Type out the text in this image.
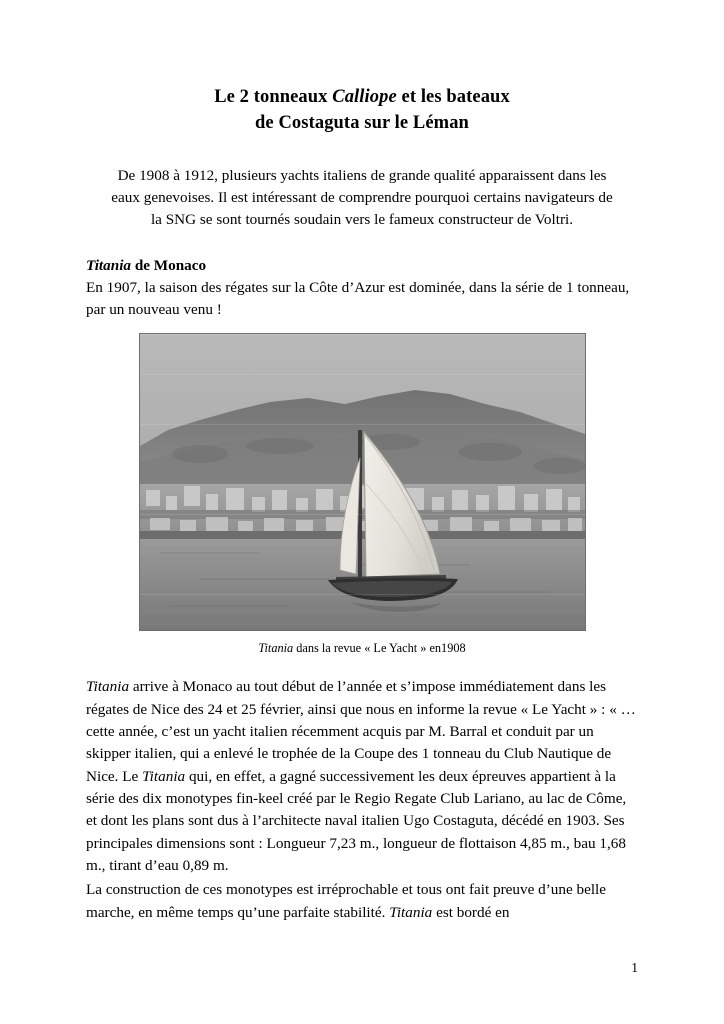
Le 2 tonneaux Calliope et les bateaux
de Costaguta sur le Léman

De 1908 à 1912, plusieurs yachts italiens de grande qualité apparaissent dans les eaux genevoises. Il est intéressant de comprendre pourquoi certains navigateurs de la SNG se sont tournés soudain vers le fameux constructeur de Voltri.

Titania de Monaco

En 1907, la saison des régates sur la Côte d’Azur est dominée, dans la série de 1 tonneau, par un nouveau venu !

Titania dans la revue « Le Yacht » en1908

Titania arrive à Monaco au tout début de l’année et s’impose immédiatement dans les régates de Nice des 24 et 25 février, ainsi que nous en informe la revue « Le Yacht » : « …cette année, c’est un yacht italien récemment acquis par M. Barral et conduit par un skipper italien, qui a enlevé le trophée de la Coupe des 1 tonneau du Club Nautique de Nice. Le Titania qui, en effet, a gagné successivement les deux épreuves appartient à la série des dix monotypes fin-keel créé par le Regio Regate Club Lariano, au lac de Côme, et dont les plans sont dus à l’architecte naval italien Ugo Costaguta, décédé en 1903. Ses principales dimensions sont : Longueur 7,23 m., longueur de flottaison 4,85 m., bau 1,68 m., tirant d’eau 0,89 m.

La construction de ces monotypes est irréprochable et tous ont fait preuve d’une belle marche, en même temps qu’une parfaite stabilité. Titania est bordé en

1
